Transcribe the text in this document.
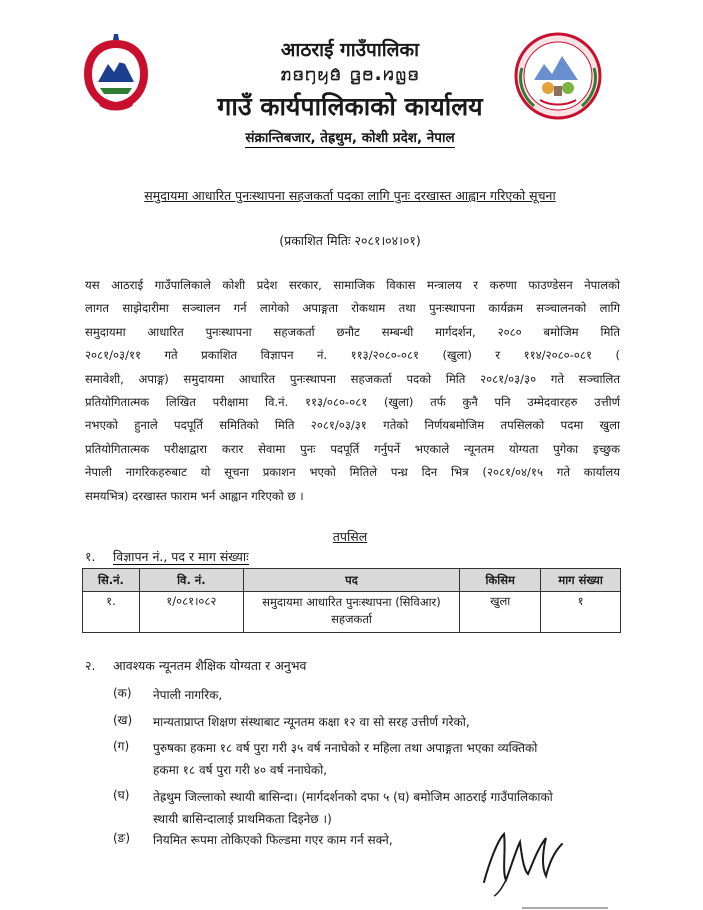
आठराई गाउँपालिका
ꤊꤢꤚꤟꤢꤨ ꤞꤥ.ꤙꤜꤢ
गाउँ कार्यपालिकाको कार्यालय
संक्रान्तिबजार, तेह्रथुम, कोशी प्रदेश, नेपाल
समुदायमा आधारित पुनःस्थापना सहजकर्ता पदका लागि पुनः दरखास्त आह्वान गरिएको सूचना
(प्रकाशित मितिः २०८१।०४।०१)
यस आठराई गाउँपालिकाले कोशी प्रदेश सरकार, सामाजिक विकास मन्त्रालय र करुणा फाउण्डेसन नेपालको
लागत साझेदारीमा सञ्चालन गर्न लागेको अपाङ्गता रोकथाम तथा पुनःस्थापना कार्यक्रम सञ्चालनको लागि
समुदायमा आधारित पुनःस्थापना सहजकर्ता छनौट सम्बन्धी मार्गदर्शन, २०८० बमोजिम मिति
२०८१/०३/११ गते प्रकाशित विज्ञापन नं. ११३/२०८०-०८१ (खुला) र ११४/२०८०-०८१ (
समावेशी, अपाङ्ग) समुदायमा आधारित पुनःस्थापना सहजकर्ता पदको मिति २०८१/०३/३० गते सञ्चालित
प्रतियोगितात्मक लिखित परीक्षामा वि.नं. ११३/०८०-०८१ (खुला) तर्फ कुनै पनि उम्मेदवारहरु उत्तीर्ण
नभएको हुनाले पदपूर्ति समितिको मिति २०८१/०३/३१ गतेको निर्णयबमोजिम तपसिलको पदमा खुला
प्रतियोगितात्मक परीक्षाद्वारा करार सेवामा पुनः पदपूर्ति गर्नुपर्ने भएकाले न्यूनतम योग्यता पुगेका इच्छुक
नेपाली नागरिकहरुबाट यो सूचना प्रकाशन भएको मितिले पन्ध्र दिन भित्र (२०८१/०४/१५ गते कार्यालय
समयभित्र) दरखास्त फाराम भर्न आह्वान गरिएको छ ।
तपसिल
१. विज्ञापन नं., पद र माग संख्याः
सि.नं.	वि. नं.	पद	किसिम	माग संख्या
१.	१/०८१।०८२	समुदायमा आधारित पुनःस्थापना (सिविआर)
सहजकर्ता	खुला	१
२. आवश्यक न्यूनतम शैक्षिक योग्यता र अनुभव
(क)	नेपाली नागरिक,
(ख)	मान्यताप्राप्त शिक्षण संस्थाबाट न्यूनतम कक्षा १२ वा सो सरह उत्तीर्ण गरेको,
(ग)	पुरुषका हकमा १८ वर्ष पुरा गरी ३५ वर्ष ननाघेको र महिला तथा अपाङ्गता भएका व्यक्तिको
हकमा १८ वर्ष पुरा गरी ४० वर्ष ननाघेको,
(घ)	तेह्रथुम जिल्लाको स्थायी बासिन्दा। (मार्गदर्शनको दफा ५ (घ) बमोजिम आठराई गाउँपालिकाको
स्थायी बासिन्दालाई प्राथमिकता दिइनेछ ।)
(ङ)	नियमित रूपमा तोकिएको फिल्डमा गएर काम गर्न सक्ने,
